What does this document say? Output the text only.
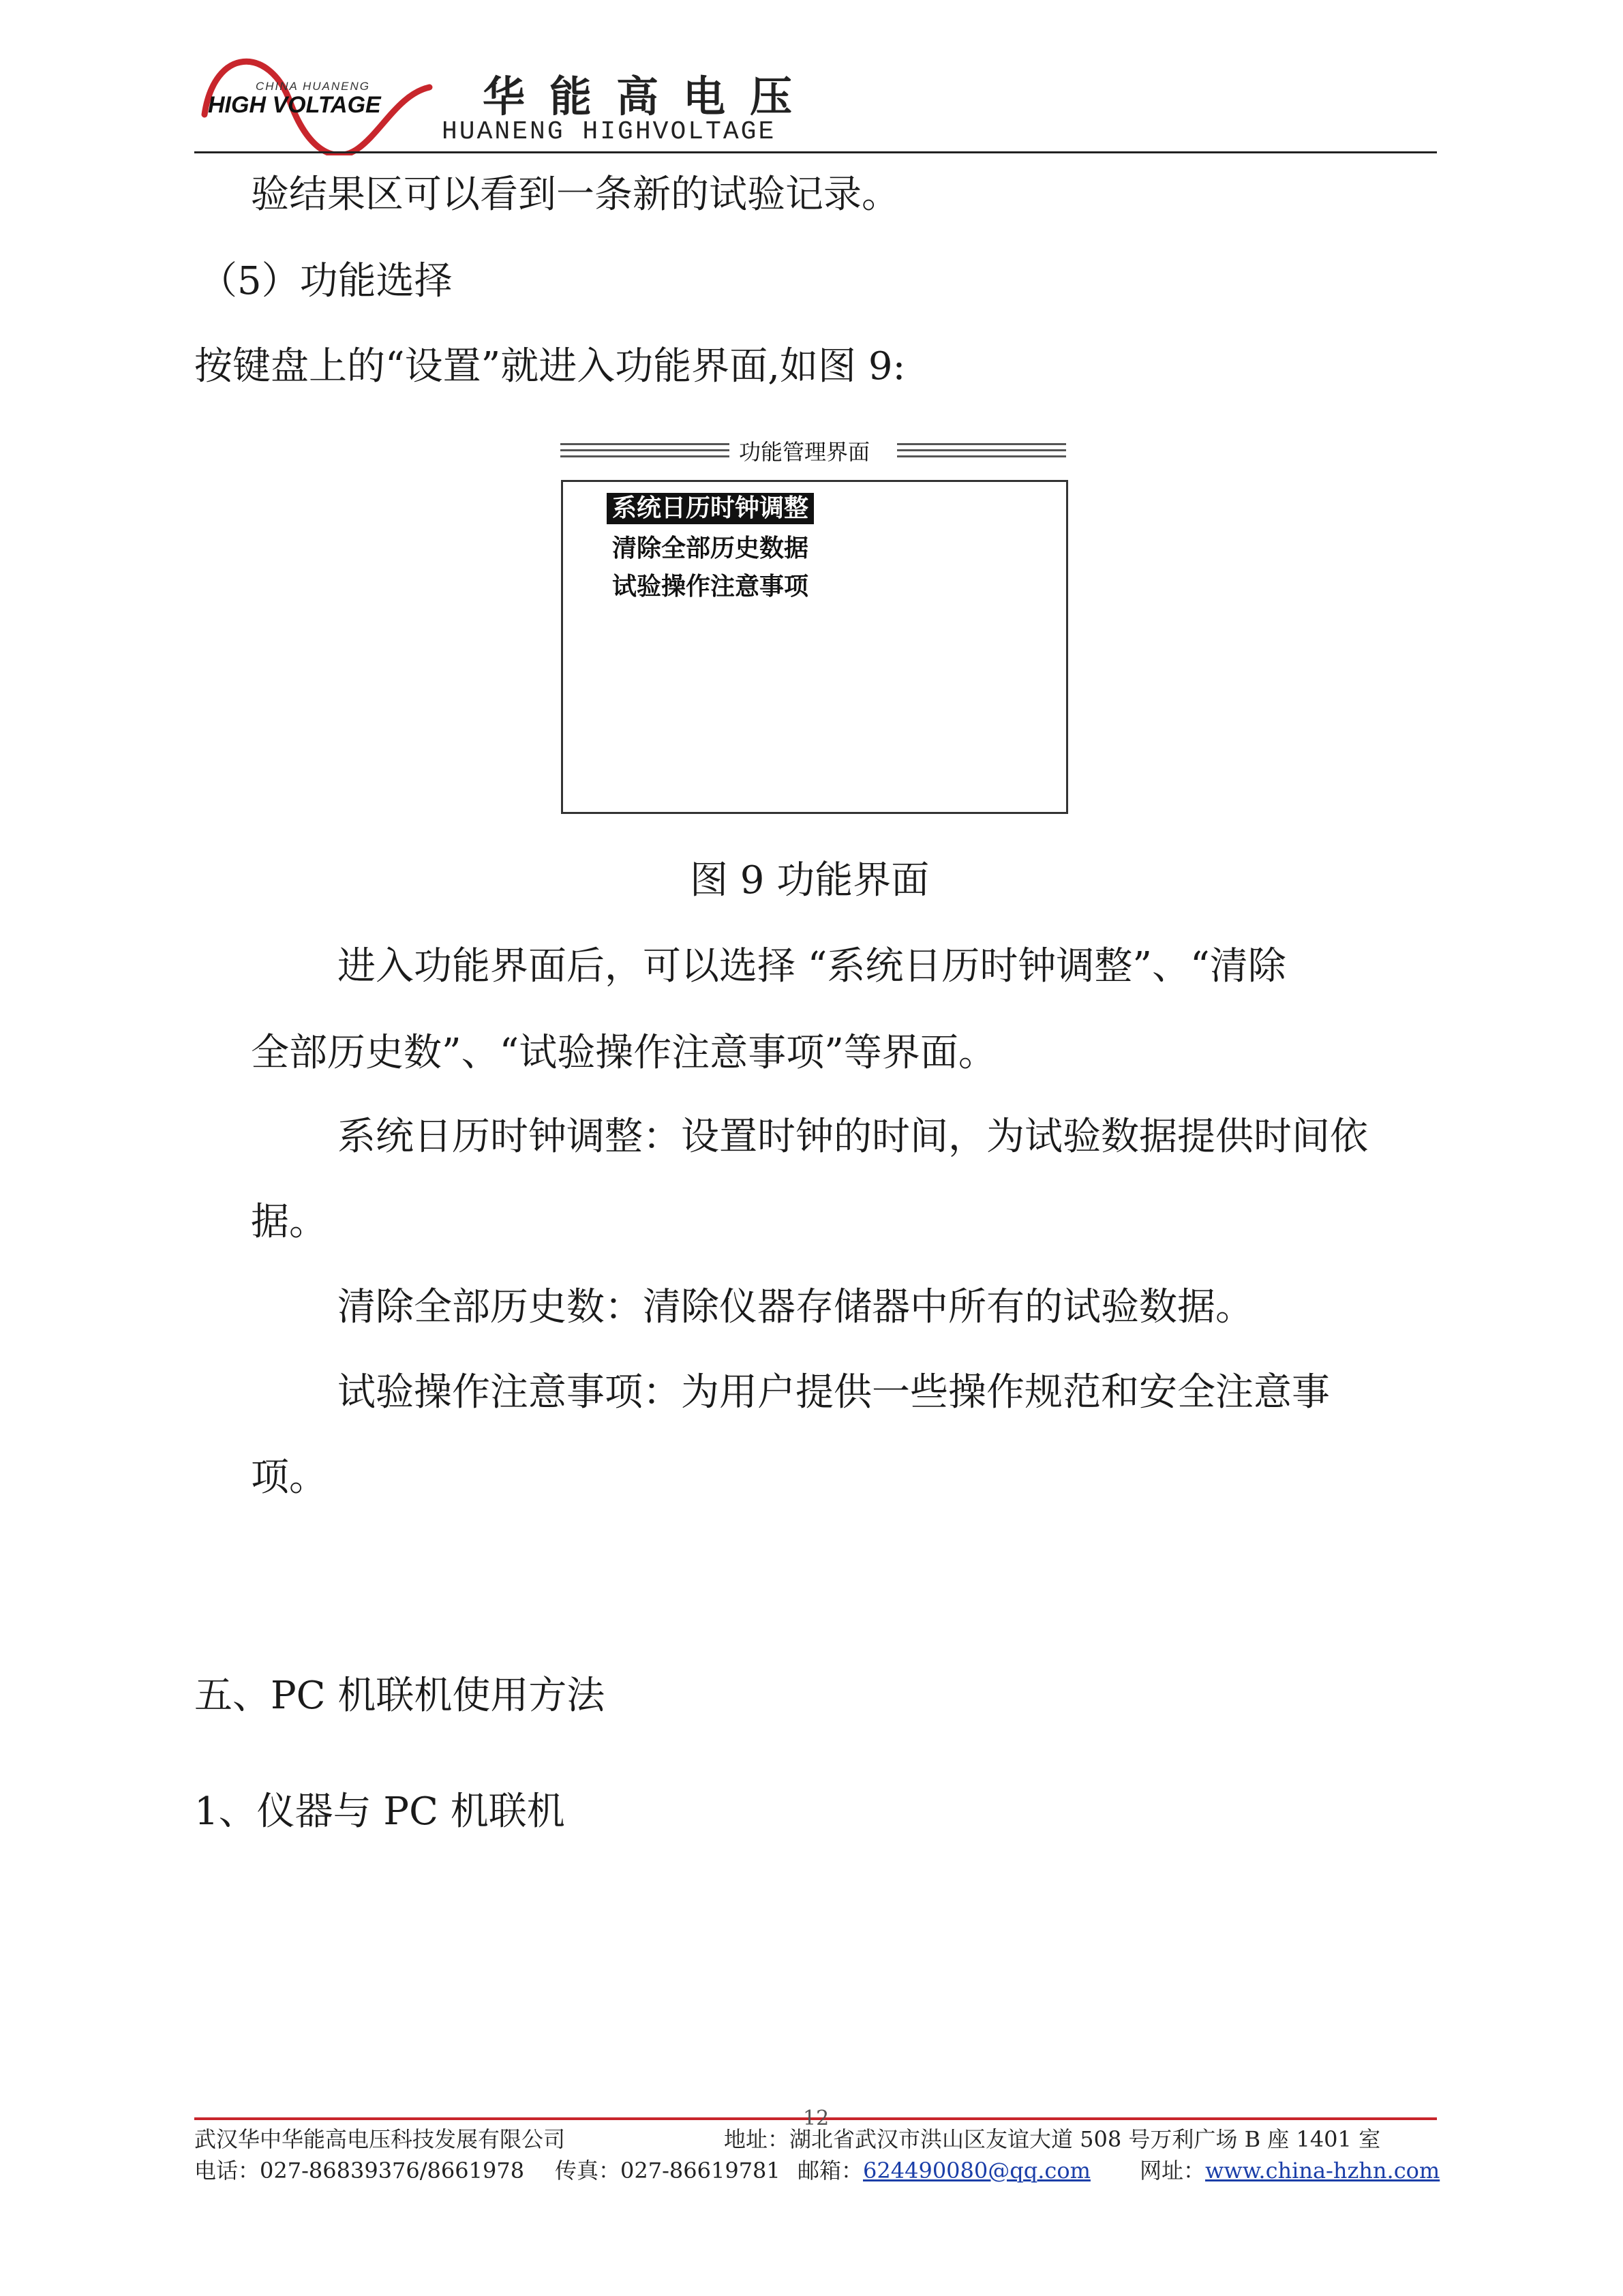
CHINA HUANENG
HIGH VOLTAGE 华能高电压
HUANENG HIGHVOLTAGE
验结果区可以看到一条新的试验记录。
（5）功能选择
按键盘上的“设置”就进入功能界面,如图 9:
功能管理界面
系统日历时钟调整
清除全部历史数据
试验操作注意事项
图 9 功能界面
进入功能界面后，可以选择 “系统日历时钟调整”、“清除
全部历史数”、“试验操作注意事项”等界面。
系统日历时钟调整：设置时钟的时间，为试验数据提供时间依
据。
清除全部历史数：清除仪器存储器中所有的试验数据。
试验操作注意事项：为用户提供一些操作规范和安全注意事
项。
五、PC 机联机使用方法
1、仪器与 PC 机联机
12
武汉华中华能高电压科技发展有限公司	地址：湖北省武汉市洪山区友谊大道 508 号万利广场 B 座 1401 室
电话：027-86839376/8661978 传真：027-86619781 邮箱：624490080@qq.com 网址：www.china-hzhn.com
